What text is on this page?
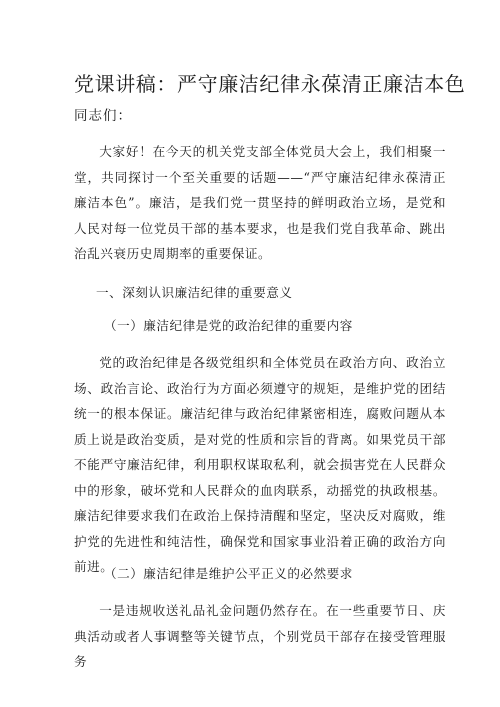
党课讲稿：严守廉洁纪律永葆清正廉洁本色
同志们：

大家好！在今天的机关党支部全体党员大会上，我们相聚一堂，共同探讨一个至关重要的话题——“严守廉洁纪律永葆清正廉洁本色”。廉洁，是我们党一贯坚持的鲜明政治立场，是党和人民对每一位党员干部的基本要求，也是我们党自我革命、跳出治乱兴衰历史周期率的重要保证。

一、深刻认识廉洁纪律的重要意义
（一）廉洁纪律是党的政治纪律的重要内容

党的政治纪律是各级党组织和全体党员在政治方向、政治立场、政治言论、政治行为方面必须遵守的规矩，是维护党的团结统一的根本保证。廉洁纪律与政治纪律紧密相连，腐败问题从本质上说是政治变质，是对党的性质和宗旨的背离。如果党员干部不能严守廉洁纪律，利用职权谋取私利，就会损害党在人民群众中的形象，破坏党和人民群众的血肉联系，动摇党的执政根基。廉洁纪律要求我们在政治上保持清醒和坚定，坚决反对腐败，维护党的先进性和纯洁性，确保党和国家事业沿着正确的政治方向前进。

（二）廉洁纪律是维护公平正义的必然要求

一是违规收送礼品礼金问题仍然存在。在一些重要节日、庆典活动或者人事调整等关键节点，个别党员干部存在接受管理服务
